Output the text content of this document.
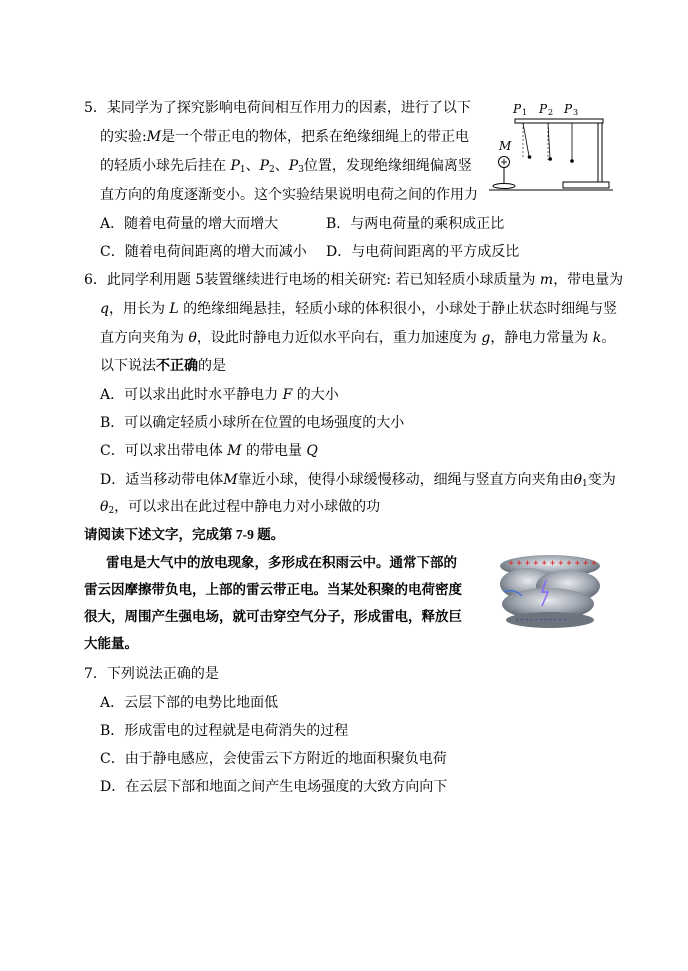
5．某同学为了探究影响电荷间相互作用力的因素，进行了以下
的实验:M是一个带正电的物体，把系在绝缘细绳上的带正电
的轻质小球先后挂在 $P_1$、$P_2$、$P_3$位置，发现绝缘细绳偏离竖
直方向的角度逐渐变小。这个实验结果说明电荷之间的作用力
A．随着电荷量的增大而增大	B．与两电荷量的乘积成正比
C．随着电荷间距离的增大而减小 D．与电荷间距离的平方成反比
P P P
M
1	2 3
6．此同学利用题 5装置继续进行电场的相关研究: 若已知轻质小球质量为 m，带电量为
q，用长为 L 的绝缘细绳悬挂，轻质小球的体积很小，小球处于静止状态时细绳与竖
直方向夹角为 θ，设此时静电力近似水平向右，重力加速度为 g，静电力常量为 k。
以下说法不正确的是
A．可以求出此时水平静电力 F 的大小
B．可以确定轻质小球所在位置的电场强度的大小
C．可以求出带电体 M 的带电量 Q
D．适当移动带电体M靠近小球，使得小球缓慢移动，细绳与竖直方向夹角由$\theta_1$变为
$\theta_2$，可以求出在此过程中静电力对小球做的功
请阅读下述文字，完成第 7-9 题。
雷电是大气中的放电现象，多形成在积雨云中。通常下部的
雷云因摩擦带负电，上部的雷云带正电。当某处积聚的电荷密度
很大，周围产生强电场，就可击穿空气分子，形成雷电，释放巨
大能量。
+ + + + + + + + + + +
- - - - - - - - - - -
7．下列说法正确的是
A．云层下部的电势比地面低
B．形成雷电的过程就是电荷消失的过程
C．由于静电感应，会使雷云下方附近的地面积聚负电荷
D．在云层下部和地面之间产生电场强度的大致方向向下
